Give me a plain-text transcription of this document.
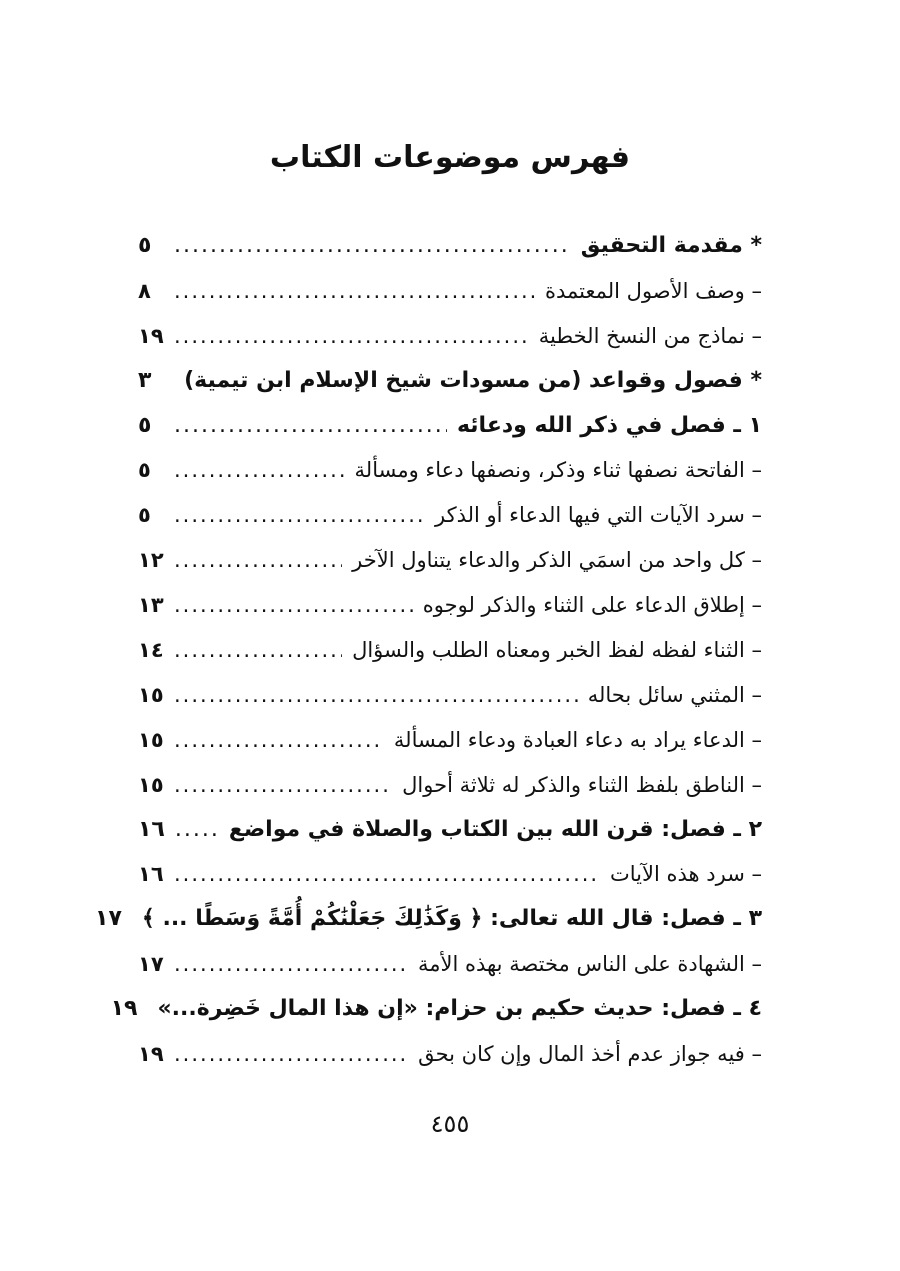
فهرس موضوعات الكتاب
* مقدمة التحقيق
.....
٥
– وصف الأصول المعتمدة
.....
٨
– نماذج من النسخ الخطية
.....
١٩
* فصول وقواعد (من مسودات شيخ الإسلام ابن تيمية)
.....
٣
١ ـ فصل في ذكر الله ودعائه
.....
٥
– الفاتحة نصفها ثناء وذكر، ونصفها دعاء ومسألة
.....
٥
– سرد الآيات التي فيها الدعاء أو الذكر
.....
٥
– كل واحد من اسمَي الذكر والدعاء يتناول الآخر
.....
١٢
– إطلاق الدعاء على الثناء والذكر لوجوه
.....
١٣
– الثناء لفظه لفظ الخبر ومعناه الطلب والسؤال
.....
١٤
– المثني سائل بحاله
.....
١٥
– الدعاء يراد به دعاء العبادة ودعاء المسألة
.....
١٥
– الناطق بلفظ الثناء والذكر له ثلاثة أحوال
.....
١٥
٢ ـ فصل: قرن الله بين الكتاب والصلاة في مواضع
.....
١٦
– سرد هذه الآيات
.....
١٦
٣ ـ فصل: قال الله تعالى: ﴿ وَكَذَٰلِكَ جَعَلْنَٰكُمْ أُمَّةً وَسَطًا ... ﴾
١٧
– الشهادة على الناس مختصة بهذه الأمة
.....
١٧
٤ ـ فصل: حديث حكيم بن حزام: «إن هذا المال خَضِرة...»
١٩
– فيه جواز عدم أخذ المال وإن كان بحق
.....
١٩
٤٥٥
